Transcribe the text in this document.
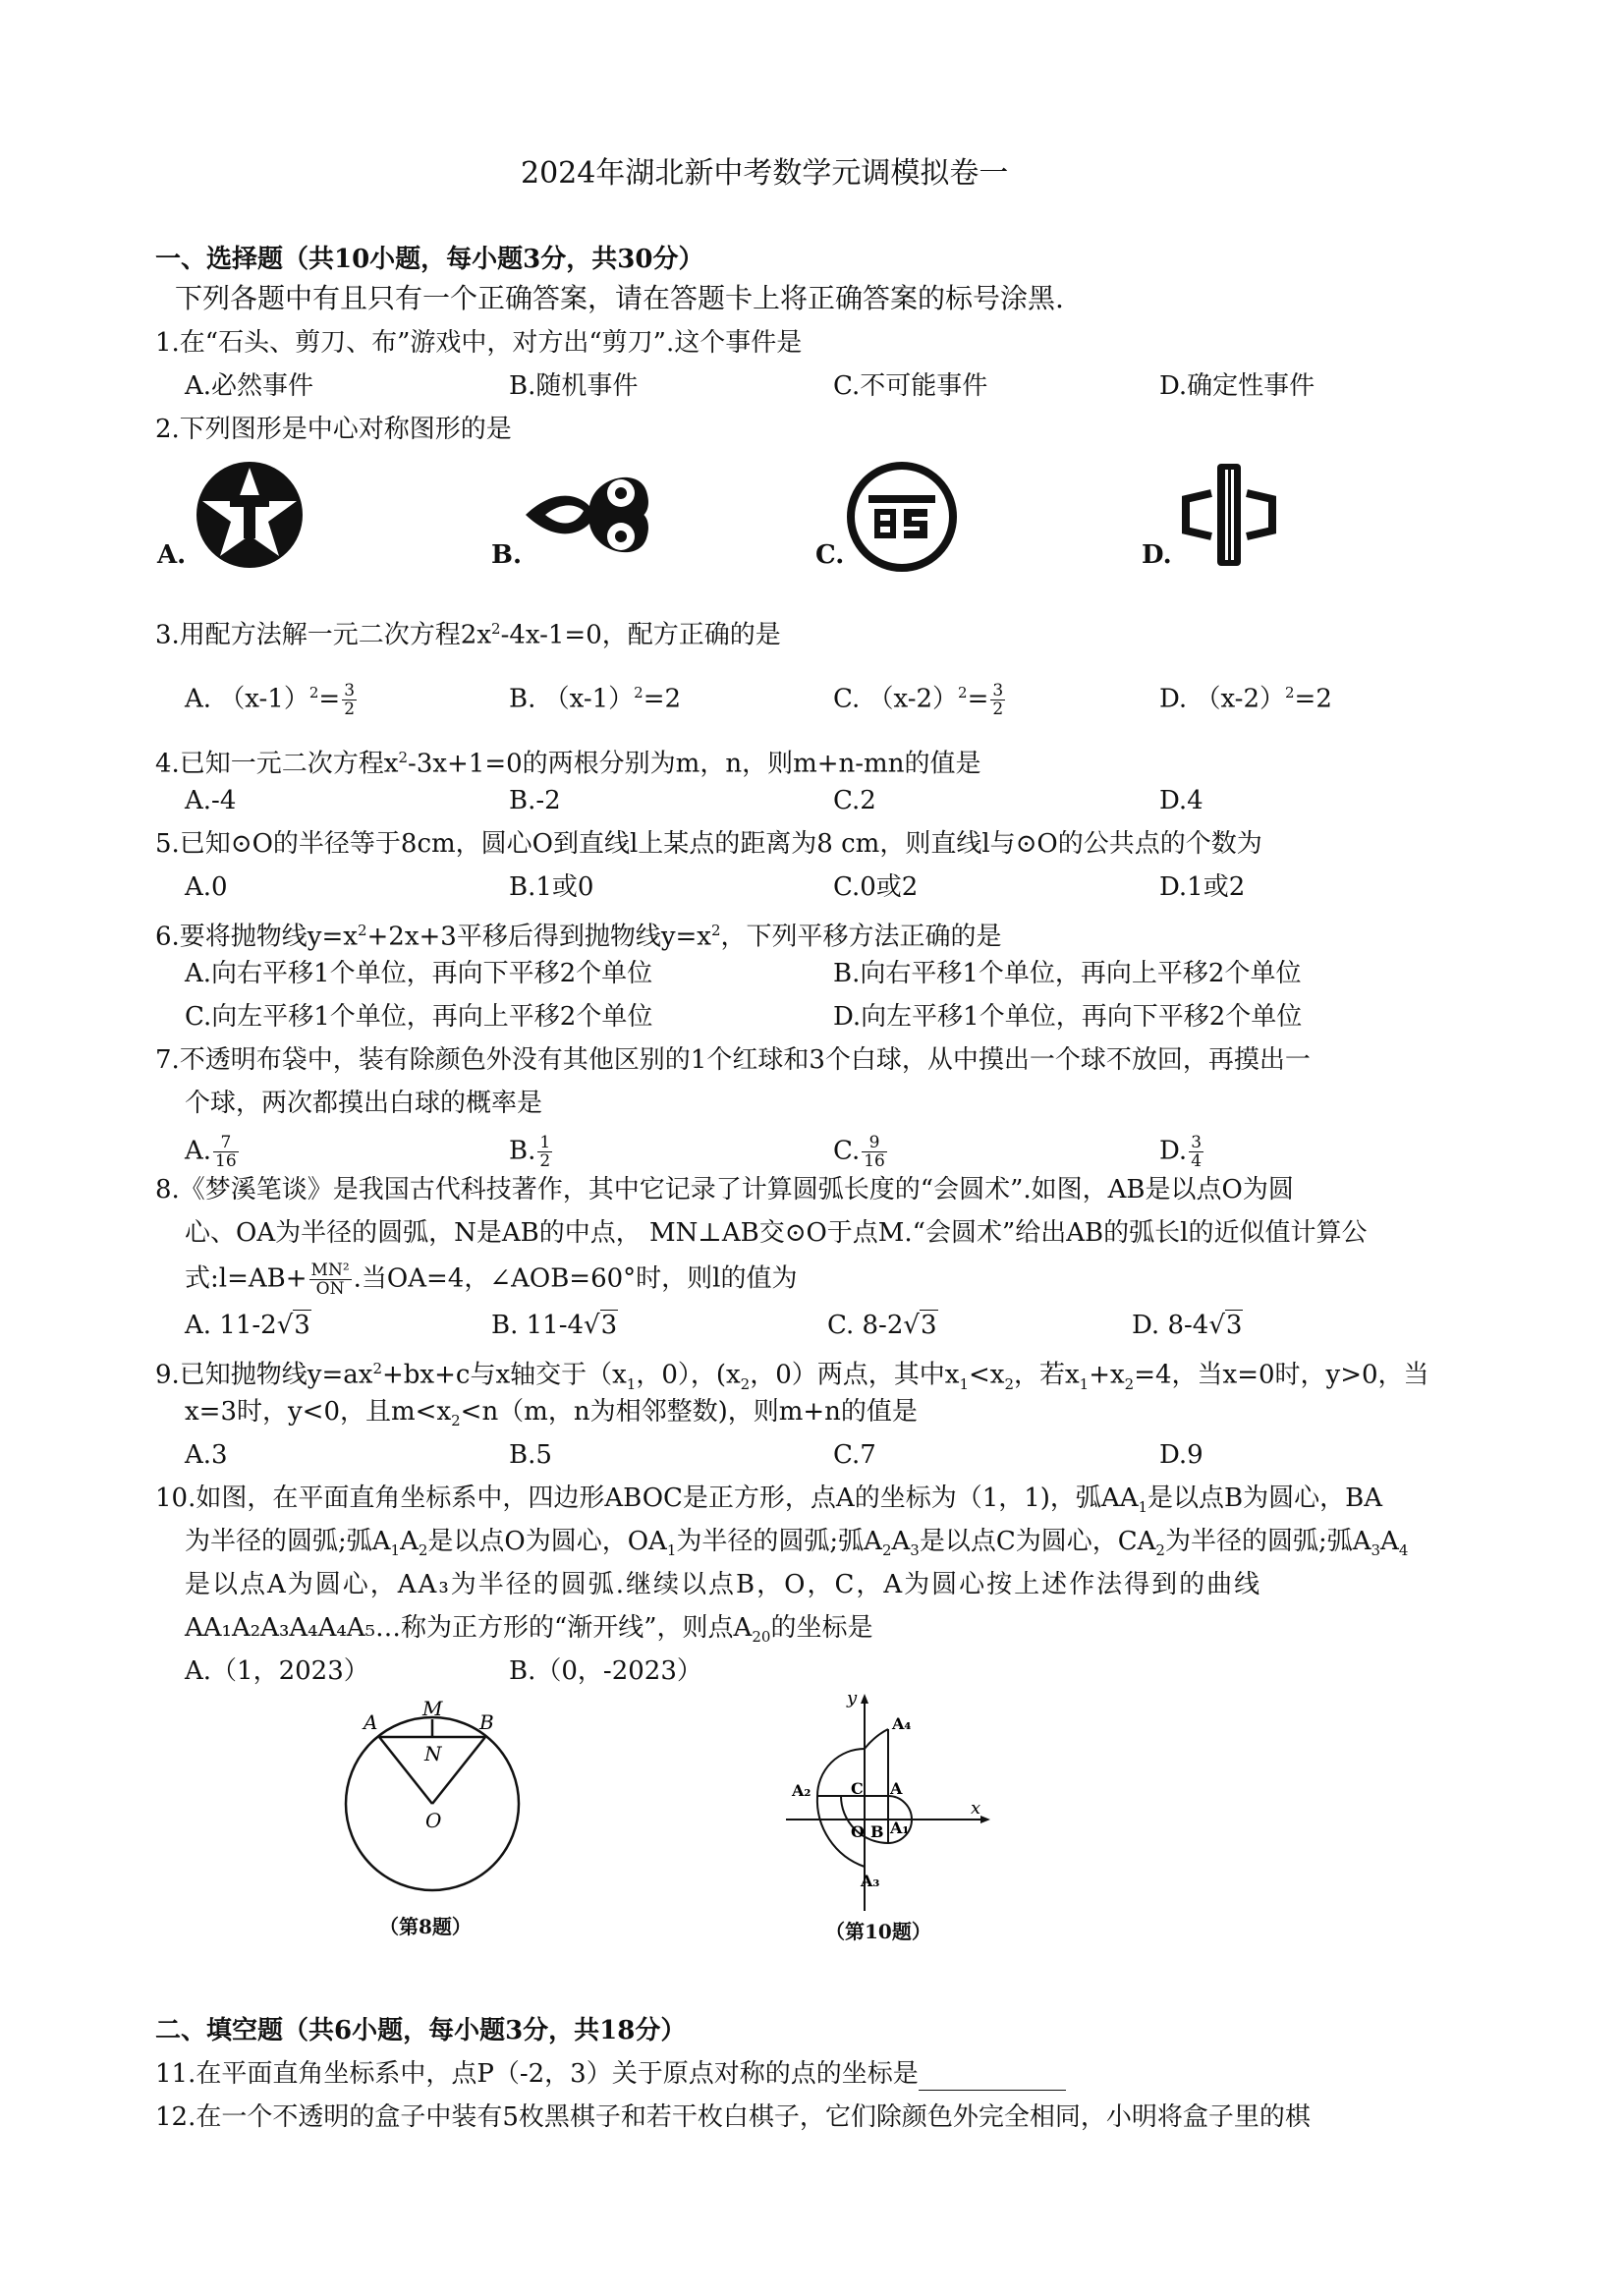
2024年湖北新中考数学元调模拟卷一
一、选择题（共10小题，每小题3分，共30分）
下列各题中有且只有一个正确答案，请在答题卡上将正确答案的标号涂黑.
1.在“石头、剪刀、布”游戏中，对方出“剪刀”.这个事件是
A.必然事件	B.随机事件	C.不可能事件	D.确定性事件
2.下列图形是中心对称图形的是
A.	B.	C.	D.
3.用配方法解一元二次方程$2x^2-4x-1=0$，配方正确的是
A. $(x-1)^2= \frac{3}{2}$	B. $(x-1)^2=2$	C. $(x-2)^2= \frac{3}{2}$	D. $(x-2)^2=2$
4.已知一元二次方程$x^2-3x+1=0$的两根分别为m，n，则m+n-mn的值是
A.-4	B.-2	C.2	D.4
5.已知⊙O的半径等于8cm，圆心O到直线l上某点的距离为8 cm，则直线l与⊙O的公共点的个数为
A.0	B.1或0	C.0或2	D.1或2
6.要将抛物线$y=x^2+2x+3$平移后得到抛物线$y=x^2$，下列平移方法正确的是
A.向右平移1个单位，再向下平移2个单位	B.向右平移1个单位，再向上平移2个单位
C.向左平移1个单位，再向上平移2个单位	D.向左平移1个单位，再向下平移2个单位
7.不透明布袋中，装有除颜色外没有其他区别的1个红球和3个白球，从中摸出一个球不放回，再摸出一
个球，两次都摸出白球的概率是
A. $\frac{7}{16}$	B. $\frac{1}{2}$	C. $\frac{9}{16}$	D. $\frac{3}{4}$
8.《梦溪笔谈》是我国古代科技著作，其中它记录了计算圆弧长度的“会圆术”.如图，AB是以点O为圆
心、OA为半径的圆弧，N是AB的中点， MN⊥AB交⊙O于点M.“会圆术”给出AB的弧长l的近似值计算公
式:l=AB+ $\frac{\text{MN²}}{ON}$ .当OA=4，∠AOB=60°时，则l的值为
A. 11-2√3	B. 11-4√3	C. 8-2√3	D. 8-4√3
9.已知抛物线$y=ax^2+bx+c$与x轴交于（$x_1$，0），($x_2$，0）两点，其中$x_1<x_2$，若$x_1+x_2=4$，当x=0时，y>0，当
x=3时，y<0，且$m<x_2<n(m$，n为相邻整数)，则m+n的值是
A.3	B.5	C.7	D.9
10.如图，在平面直角坐标系中，四边形ABOC是正方形，点A的坐标为（1，1)，弧$AA_1$是以点B为圆心，BA
为半径的圆弧;弧$A_1A_2$是以点O为圆心，$OA_1$为半径的圆弧;弧$A_2A_3$是以点C为圆心，$CA_2$为半径的圆弧;弧$A_3A_4$
是以点A为圆心，AA₃为半径的圆弧.继续以点B，O，C，A为圆心按上述作法得到的曲线
AA₁A₂A₃A₄A₄A₅…称为正方形的“渐开线”，则点$A_{20}$的坐标是
A.（1，2023）	B.（0，-2023）
A
M
B
N
O
（第8题）
y
x
A₄
A₁
A₂
A₃
C A
O B
（第10题）
二、填空题（共6小题，每小题3分，共18分）
11.在平面直角坐标系中，点P（-2，3）关于原点对称的点的坐标是
12.在一个不透明的盒子中装有5枚黑棋子和若干枚白棋子，它们除颜色外完全相同，小明将盒子里的棋
